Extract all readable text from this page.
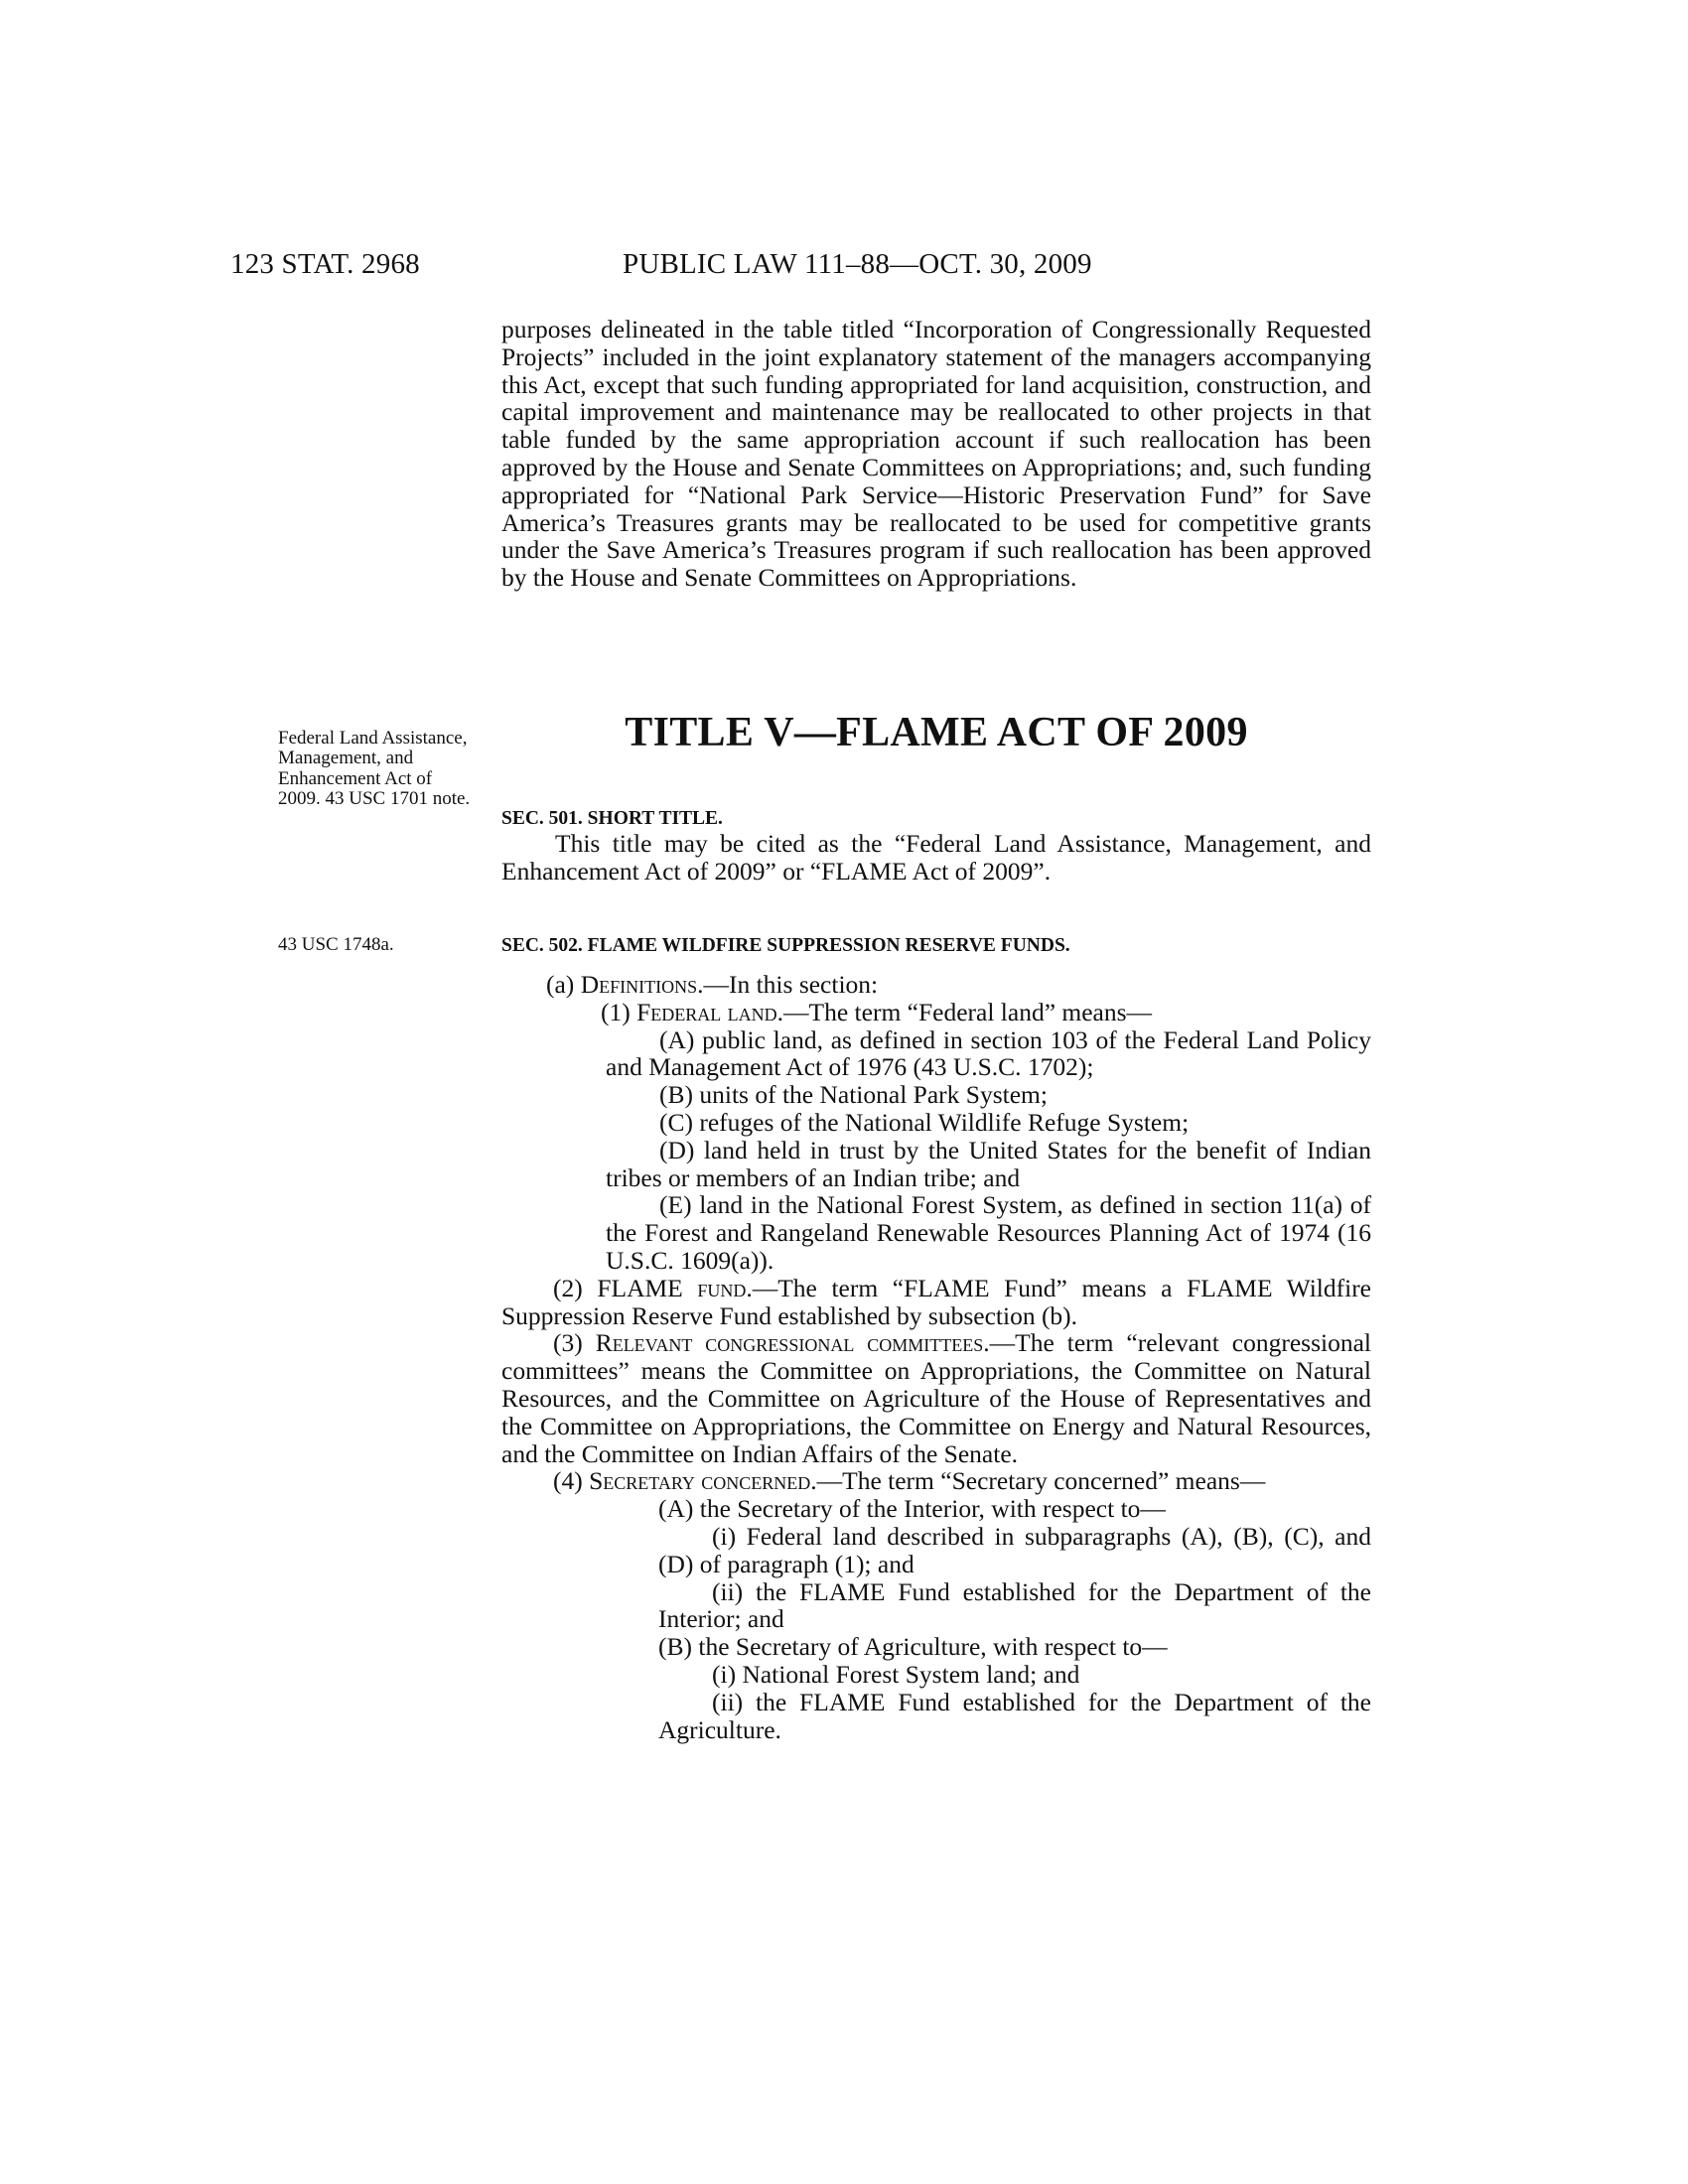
123 STAT. 2968	PUBLIC LAW 111–88—OCT. 30, 2009

purposes delineated in the table titled “Incorporation of Congressionally Requested Projects” included in the joint explanatory statement of the managers accompanying this Act, except that such funding appropriated for land acquisition, construction, and capital improvement and maintenance may be reallocated to other projects in that table funded by the same appropriation account if such reallocation has been approved by the House and Senate Committees on Appropriations; and, such funding appropriated for “National Park Service—Historic Preservation Fund” for Save America’s Treasures grants may be reallocated to be used for competitive grants under the Save America’s Treasures program if such reallocation has been approved by the House and Senate Committees on Appropriations.

Federal Land Assistance, Management, and Enhancement Act of 2009. 43 USC 1701 note.
TITLE V—FLAME ACT OF 2009
SEC. 501. SHORT TITLE.

This title may be cited as the “Federal Land Assistance, Management, and Enhancement Act of 2009” or “FLAME Act of 2009”.

43 USC 1748a.	SEC. 502. FLAME WILDFIRE SUPPRESSION RESERVE FUNDS.

(a) Definitions.—In this section:

(1) Federal land.—The term “Federal land” means—

(A) public land, as defined in section 103 of the Federal Land Policy and Management Act of 1976 (43 U.S.C. 1702);

(B) units of the National Park System;

(C) refuges of the National Wildlife Refuge System;

(D) land held in trust by the United States for the benefit of Indian tribes or members of an Indian tribe; and

(E) land in the National Forest System, as defined in section 11(a) of the Forest and Rangeland Renewable Resources Planning Act of 1974 (16 U.S.C. 1609(a)).

(2) FLAME fund.—The term “FLAME Fund” means a FLAME Wildfire Suppression Reserve Fund established by subsection (b).

(3) Relevant congressional committees.—The term “relevant congressional committees” means the Committee on Appropriations, the Committee on Natural Resources, and the Committee on Agriculture of the House of Representatives and the Committee on Appropriations, the Committee on Energy and Natural Resources, and the Committee on Indian Affairs of the Senate.

(4) Secretary concerned.—The term “Secretary concerned” means—

(A) the Secretary of the Interior, with respect to—

(i) Federal land described in subparagraphs (A), (B), (C), and (D) of paragraph (1); and

(ii) the FLAME Fund established for the Department of the Interior; and

(B) the Secretary of Agriculture, with respect to—

(i) National Forest System land; and

(ii) the FLAME Fund established for the Department of the Agriculture.
